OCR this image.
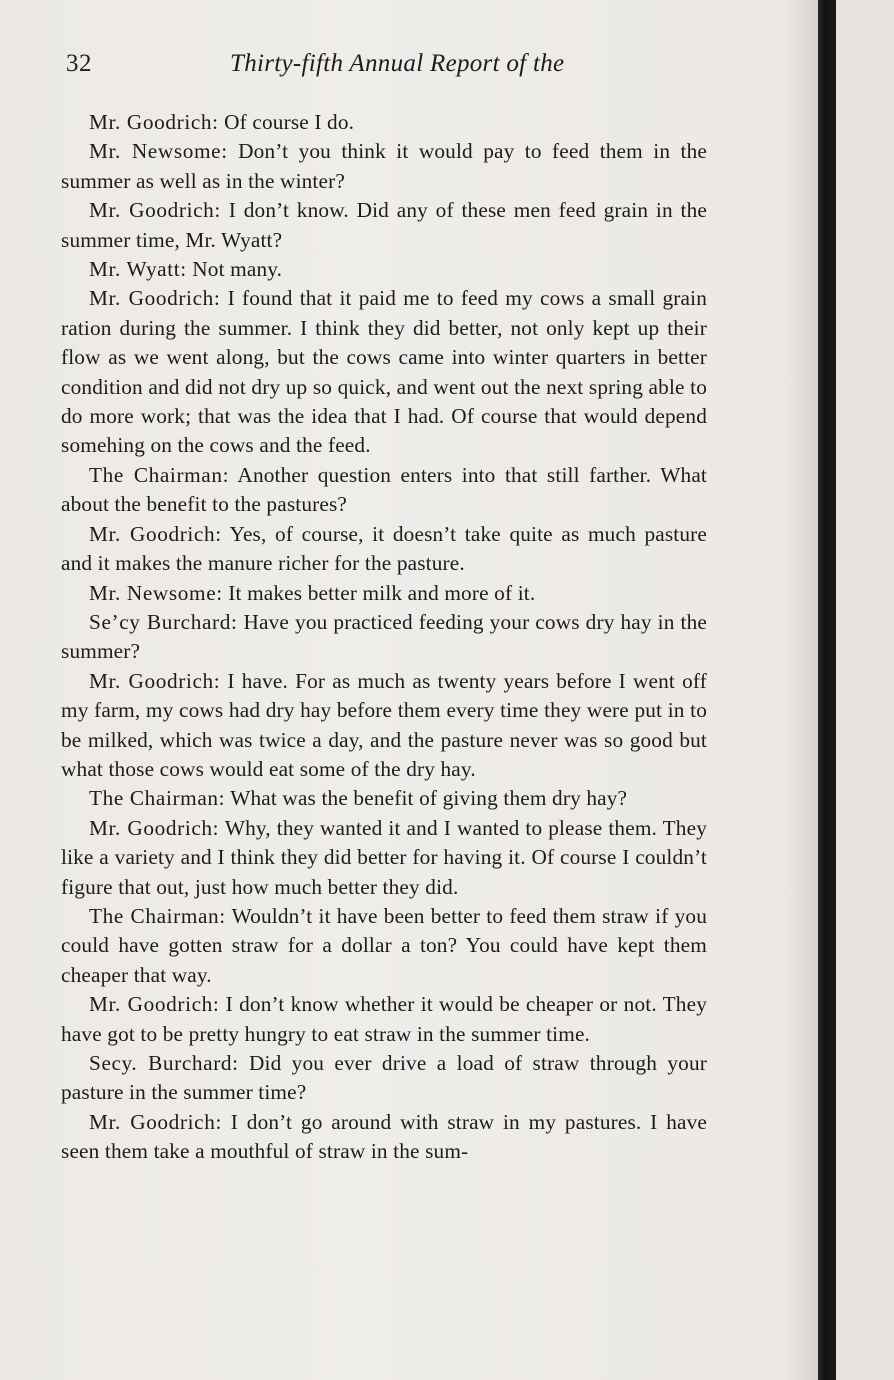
32	Thirty-fifth Annual Report of the

Mr. Goodrich: Of course I do.

Mr. Newsome: Don’t you think it would pay to feed them in the summer as well as in the winter?

Mr. Goodrich: I don’t know. Did any of these men feed grain in the summer time, Mr. Wyatt?

Mr. Wyatt: Not many.

Mr. Goodrich: I found that it paid me to feed my cows a small grain ration during the summer. I think they did better, not only kept up their flow as we went along, but the cows came into winter quarters in better condition and did not dry up so quick, and went out the next spring able to do more work; that was the idea that I had. Of course that would depend somehing on the cows and the feed.

The Chairman: Another question enters into that still farther. What about the benefit to the pastures?

Mr. Goodrich: Yes, of course, it doesn’t take quite as much pasture and it makes the manure richer for the pasture.

Mr. Newsome: It makes better milk and more of it.

Se’cy Burchard: Have you practiced feeding your cows dry hay in the summer?

Mr. Goodrich: I have. For as much as twenty years before I went off my farm, my cows had dry hay before them every time they were put in to be milked, which was twice a day, and the pasture never was so good but what those cows would eat some of the dry hay.

The Chairman: What was the benefit of giving them dry hay?

Mr. Goodrich: Why, they wanted it and I wanted to please them. They like a variety and I think they did better for having it. Of course I couldn’t figure that out, just how much better they did.

The Chairman: Wouldn’t it have been better to feed them straw if you could have gotten straw for a dollar a ton? You could have kept them cheaper that way.

Mr. Goodrich: I don’t know whether it would be cheaper or not. They have got to be pretty hungry to eat straw in the summer time.

Secy. Burchard: Did you ever drive a load of straw through your pasture in the summer time?

Mr. Goodrich: I don’t go around with straw in my pastures. I have seen them take a mouthful of straw in the sum-
